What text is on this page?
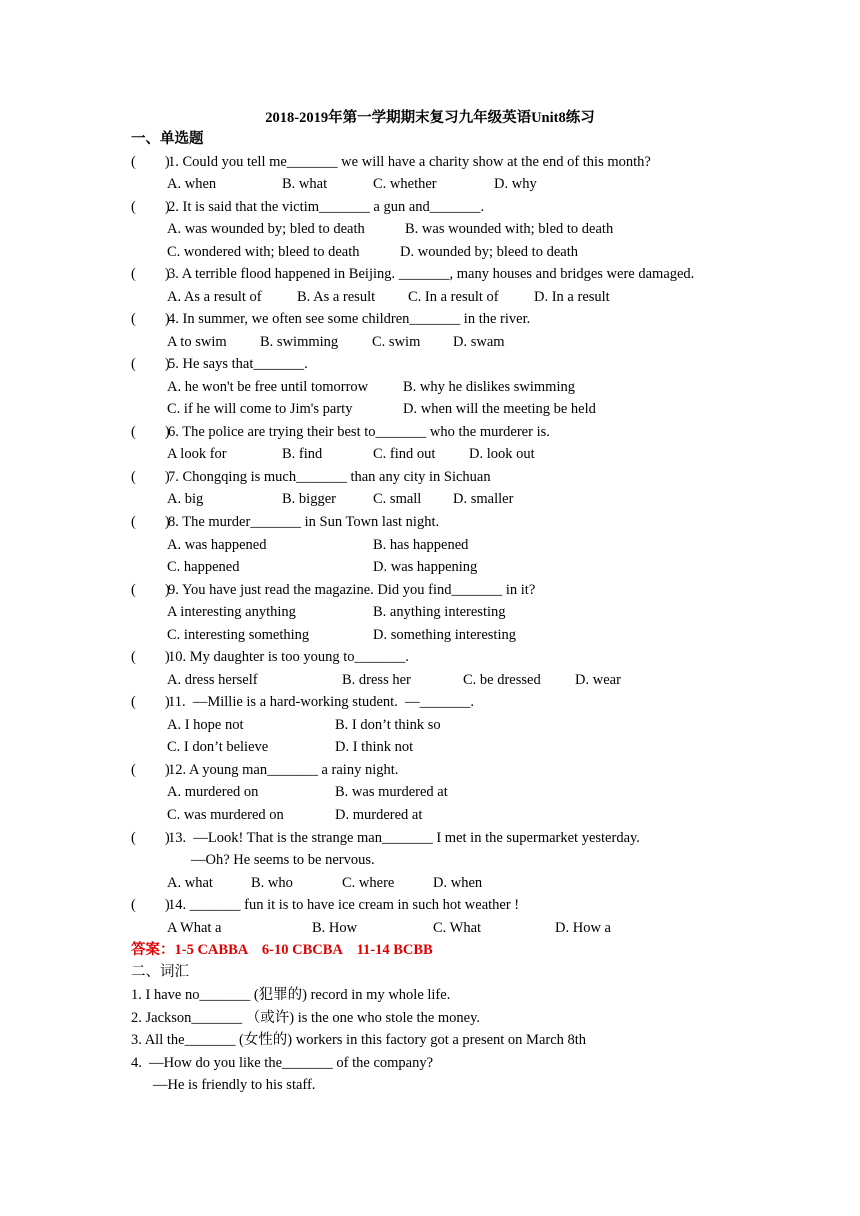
2018-2019年第一学期期末复习九年级英语Unit8练习
一、单选题
(        )1. Could you tell me_______ we will have a charity show at the end of this month?
A. when	B. what	C. whether	D. why
(        )2. It is said that the victim_______ a gun and_______.
A. was wounded by; bled to death	B. was wounded with; bled to death
C. wondered with; bleed to death	D. wounded by; bleed to death
(        )3. A terrible flood happened in Beijing. _______, many houses and bridges were damaged.
A. As a result of B. As a result C. In a result of D. In a result
(        )4. In summer, we often see some children_______ in the river.
A to swim B. swimming C. swim D. swam
(        )5. He says that_______.
A. he won't be free until tomorrow B. why he dislikes swimming
C. if he will come to Jim's party	D. when will the meeting be held
(        )6. The police are trying their best to_______ who the murderer is.
A look for	B. find	C. find out D. look out
(        )7. Chongqing is much_______ than any city in Sichuan
A. big	B. bigger	C. small D. smaller
(        )8. The murder_______ in Sun Town last night.
A. was happened	B. has happened
C. happened	D. was happening
(        )9. You have just read the magazine. Did you find_______ in it?
A interesting anything	B. anything interesting
C. interesting something	D. something interesting
(        )10. My daughter is too young to_______.
A. dress herself	B. dress her	C. be dressed D. wear
(        )11.  —Millie is a hard-working student.  —_______.
A. I hope not	B. I don’t think so
C. I don’t believe	D. I think not
(        )12. A young man_______ a rainy night.
A. murdered on	B. was murdered at
C. was murdered on	D. murdered at
(        )13.  —Look! That is the strange man_______ I met in the supermarket yesterday.
—Oh? He seems to be nervous.
A. what	B. who	C. where	D. when
(        )14. _______ fun it is to have ice cream in such hot weather !
A What a	B. How	C. What	D. How a
答案：1-5 CABBA    6-10 CBCBA    11-14 BCBB
二、词汇
1. I have no_______ (犯罪的) record in my whole life.
2. Jackson_______ （或许) is the one who stole the money.
3. All the_______ (女性的) workers in this factory got a present on March 8th
4.  —How do you like the_______ of the company?
—He is friendly to his staff.
